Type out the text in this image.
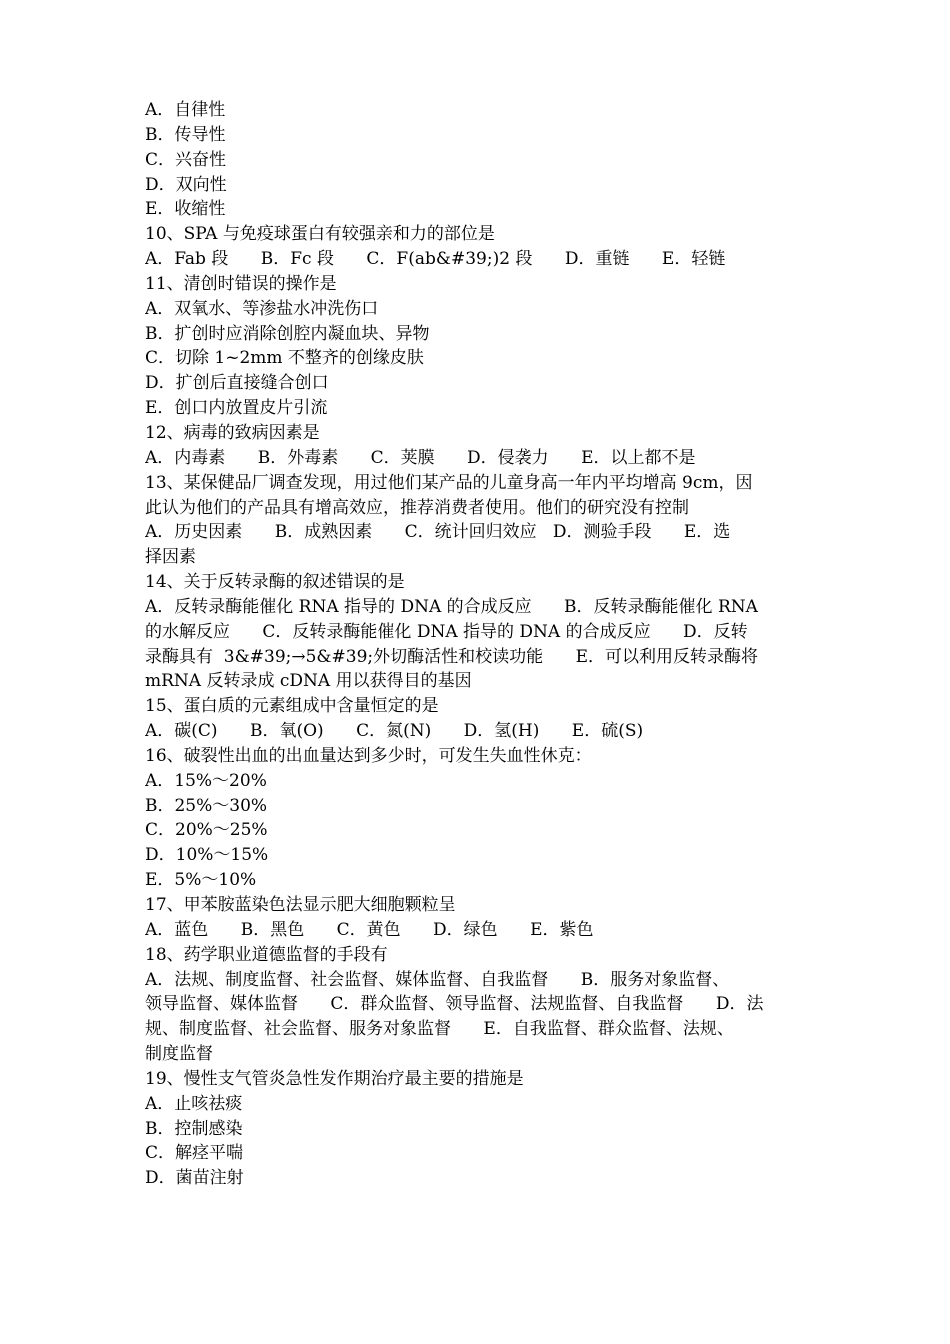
A．自律性
B．传导性
C．兴奋性
D．双向性
E．收缩性
10、SPA 与免疫球蛋白有较强亲和力的部位是
A．Fab 段      B．Fc 段      C．F(ab&#39;)2 段      D．重链      E．轻链
11、清创时错误的操作是
A．双氧水、等渗盐水冲洗伤口
B．扩创时应消除创腔内凝血块、异物
C．切除 1~2mm 不整齐的创缘皮肤
D．扩创后直接缝合创口
E．创口内放置皮片引流
12、病毒的致病因素是
A．内毒素      B．外毒素      C．荚膜      D．侵袭力      E．以上都不是
13、某保健品厂调查发现，用过他们某产品的儿童身高一年内平均增高 9cm，因
此认为他们的产品具有增高效应，推荐消费者使用。他们的研究没有控制
A．历史因素      B．成熟因素      C．统计回归效应   D．测验手段      E．选
择因素
14、关于反转录酶的叙述错误的是
A．反转录酶能催化 RNA 指导的 DNA 的合成反应      B．反转录酶能催化 RNA
的水解反应      C．反转录酶能催化 DNA 指导的 DNA 的合成反应      D．反转
录酶具有  3&#39;→5&#39;外切酶活性和校读功能      E．可以利用反转录酶将
mRNA 反转录成 cDNA 用以获得目的基因
15、蛋白质的元素组成中含量恒定的是
A．碳(C)      B．氧(O)      C．氮(N)      D．氢(H)      E．硫(S)
16、破裂性出血的出血量达到多少时，可发生失血性休克：
A．15%～20%
B．25%～30%
C．20%～25%
D．10%～15%
E．5%～10%
17、甲苯胺蓝染色法显示肥大细胞颗粒呈
A．蓝色      B．黑色      C．黄色      D．绿色      E．紫色
18、药学职业道德监督的手段有
A．法规、制度监督、社会监督、媒体监督、自我监督      B．服务对象监督、
领导监督、媒体监督      C．群众监督、领导监督、法规监督、自我监督      D．法
规、制度监督、社会监督、服务对象监督      E．自我监督、群众监督、法规、
制度监督
19、慢性支气管炎急性发作期治疗最主要的措施是
A．止咳祛痰
B．控制感染
C．解痉平喘
D．菌苗注射
